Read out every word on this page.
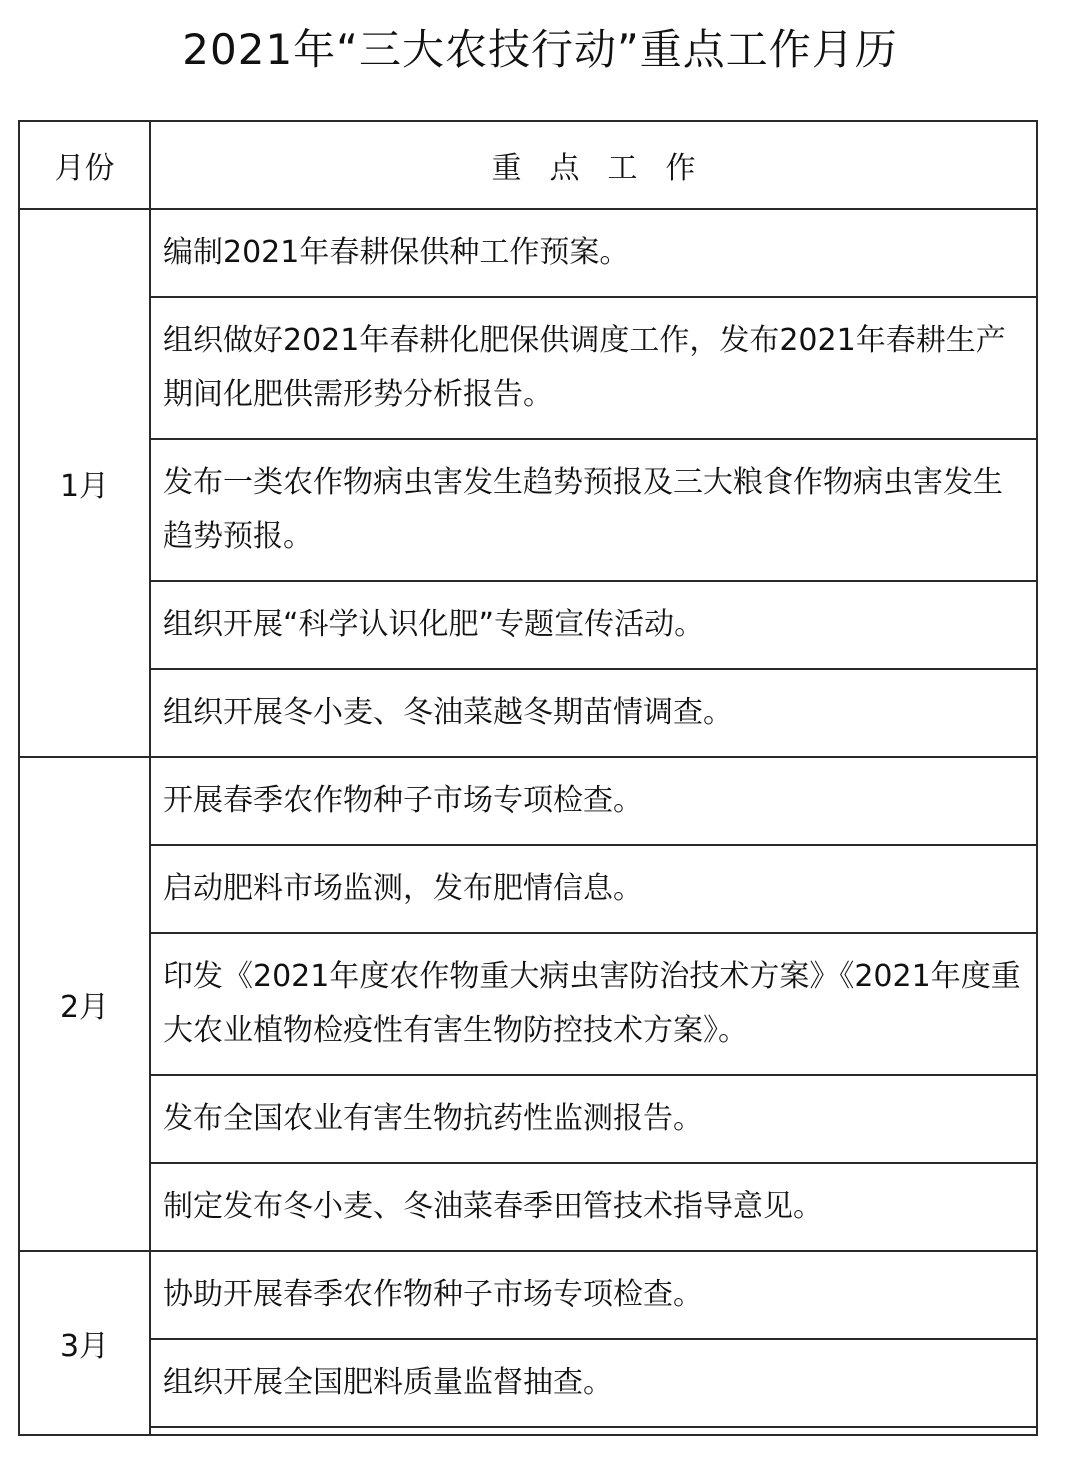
2021年“三大农技行动”重点工作月历
月份	重点工作
1月	编制2021年春耕保供种工作预案。
	组织做好2021年春耕化肥保供调度工作，发布2021年春耕生产期间化肥供需形势分析报告。
	发布一类农作物病虫害发生趋势预报及三大粮食作物病虫害发生趋势预报。
	组织开展“科学认识化肥”专题宣传活动。
	组织开展冬小麦、冬油菜越冬期苗情调查。
2月	开展春季农作物种子市场专项检查。
	启动肥料市场监测，发布肥情信息。
	印发《2021年度农作物重大病虫害防治技术方案》《2021年度重大农业植物检疫性有害生物防控技术方案》。
	发布全国农业有害生物抗药性监测报告。
	制定发布冬小麦、冬油菜春季田管技术指导意见。
3月	协助开展春季农作物种子市场专项检查。
	组织开展全国肥料质量监督抽查。
